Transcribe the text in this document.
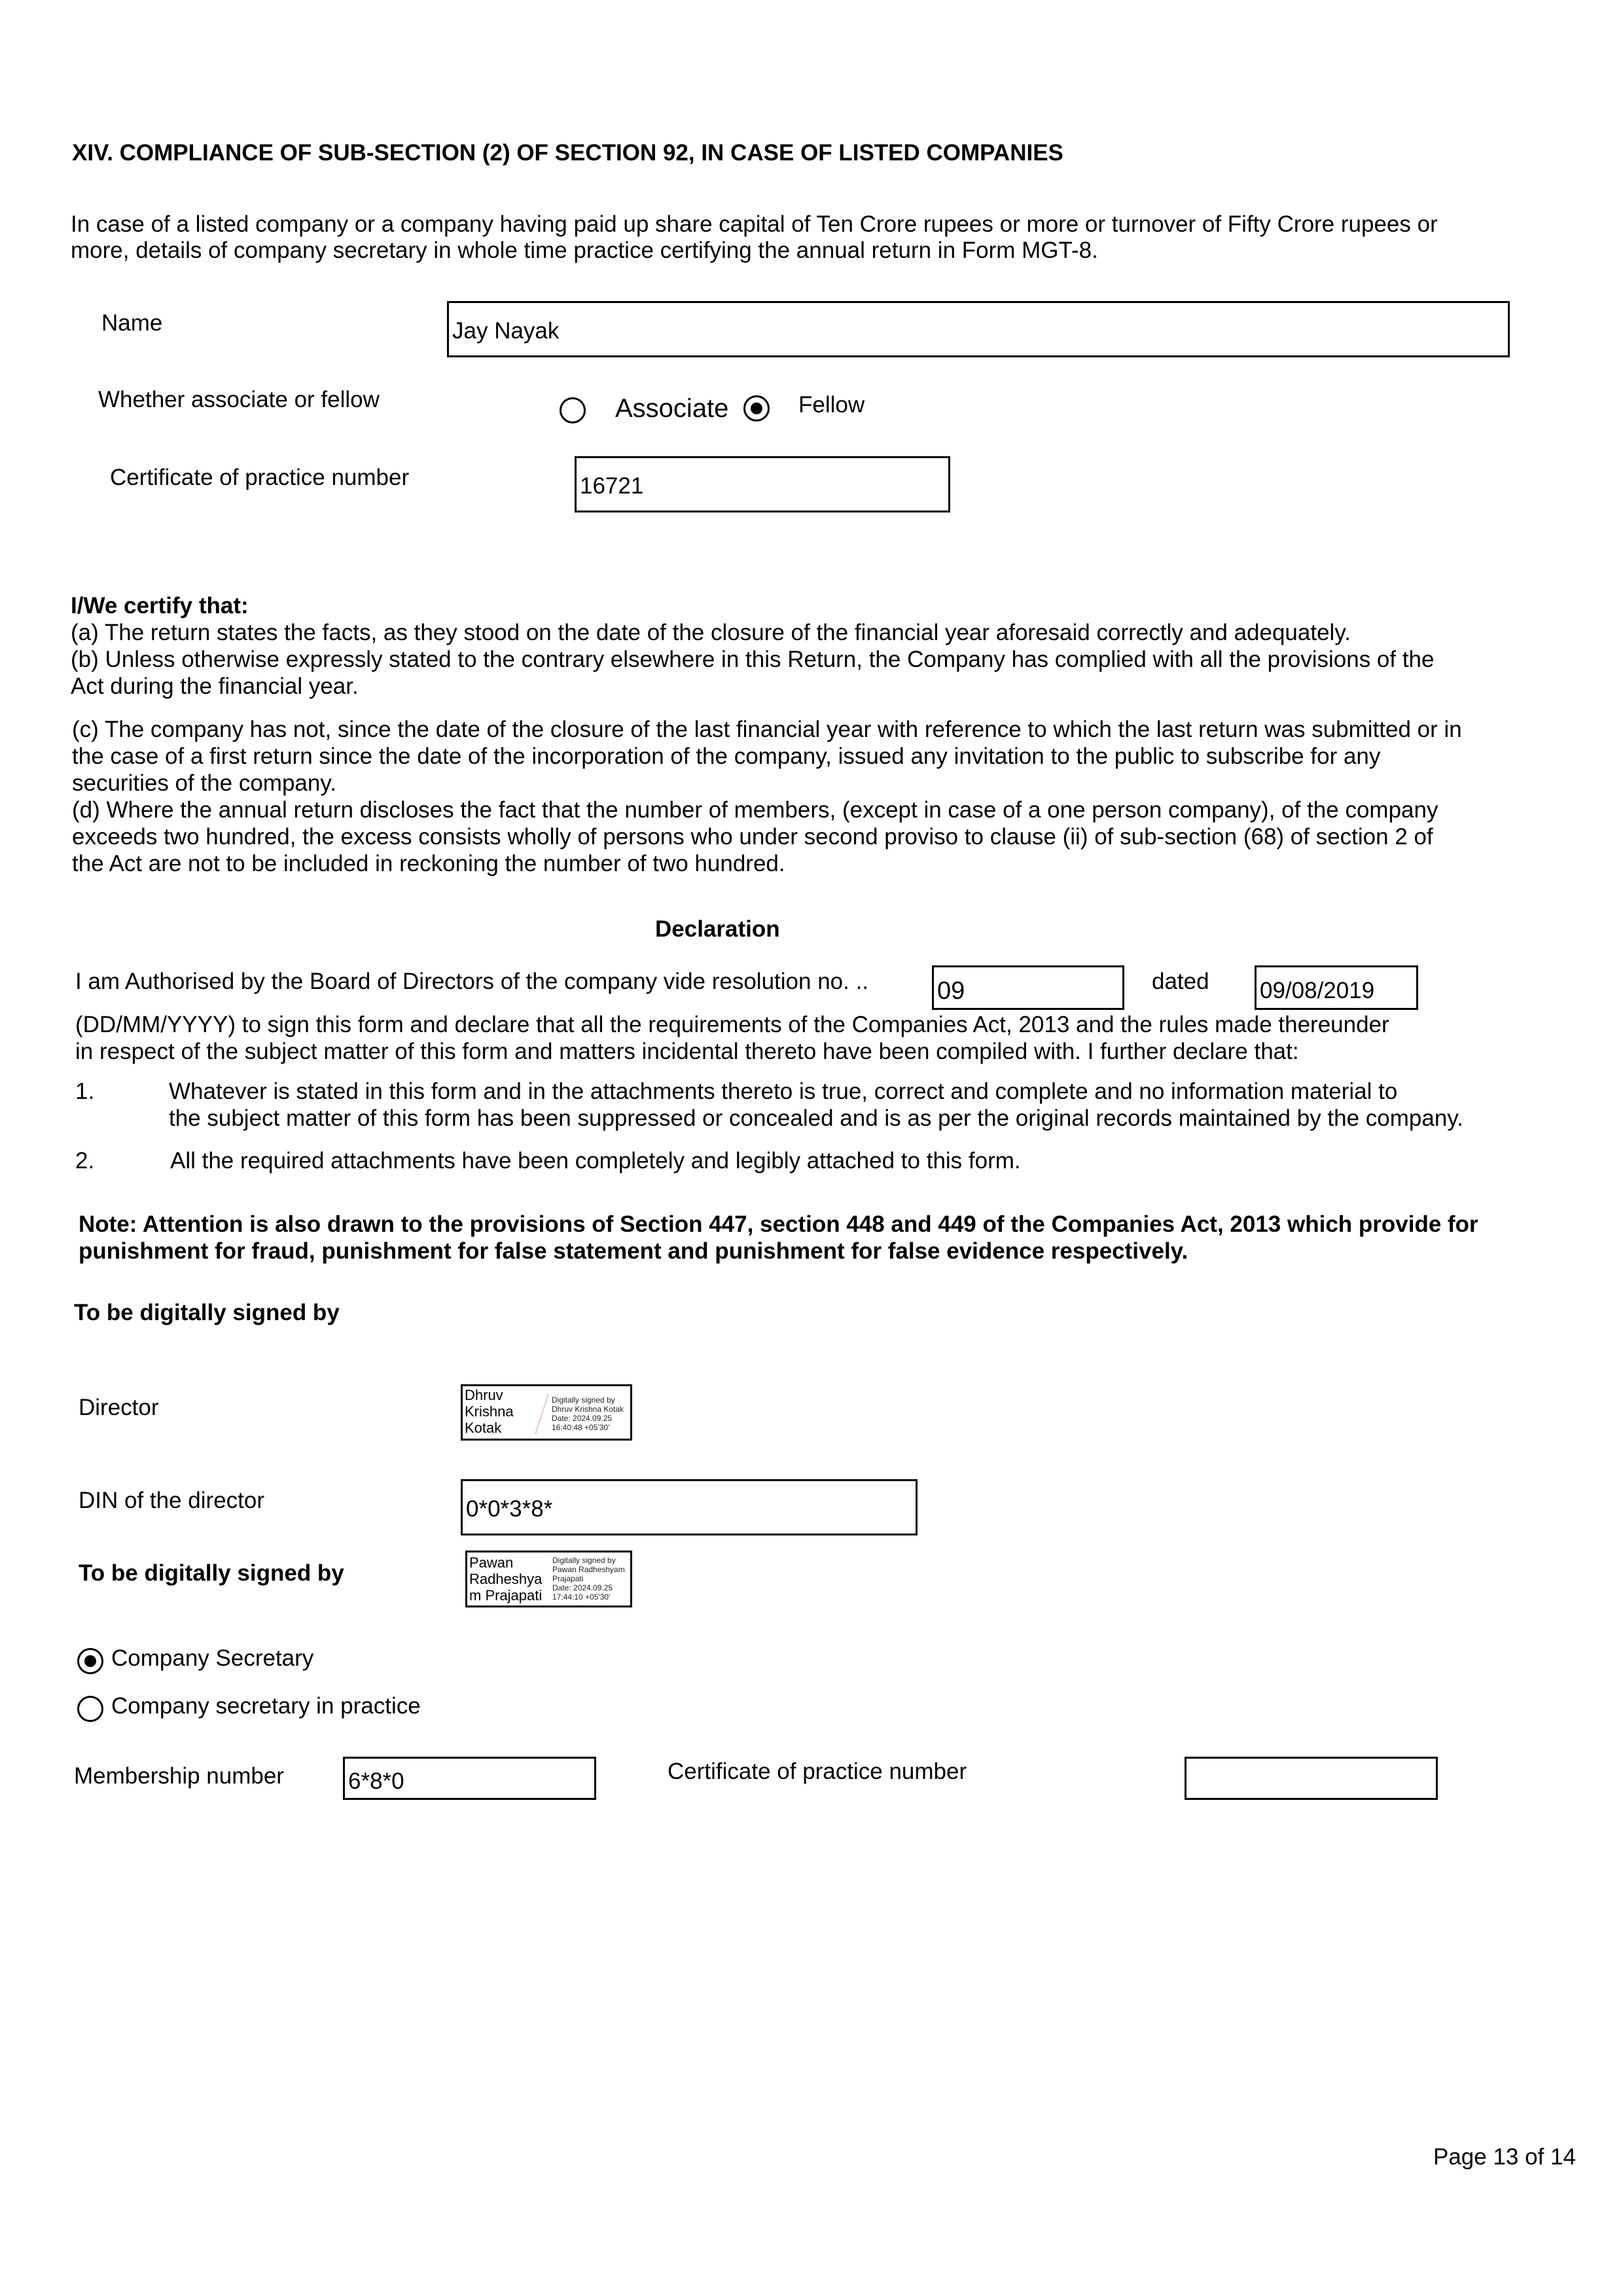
XIV. COMPLIANCE OF SUB-SECTION (2) OF SECTION 92, IN CASE OF LISTED COMPANIES
In case of a listed company or a company having paid up share capital of Ten Crore rupees or more or turnover of Fifty Crore rupees or
more, details of company secretary in whole time practice certifying the annual return in Form MGT-8.
Name	Jay Nayak
Whether associate or fellow	Associate	Fellow
Certificate of practice number	16721
I/We certify that:
(a) The return states the facts, as they stood on the date of the closure of the financial year aforesaid correctly and adequately.
(b) Unless otherwise expressly stated to the contrary elsewhere in this Return, the Company has complied with all the provisions of the
Act during the financial year.
(c) The company has not, since the date of the closure of the last financial year with reference to which the last return was submitted or in
the case of a first return since the date of the incorporation of the company, issued any invitation to the public to subscribe for any
securities of the company.
(d) Where the annual return discloses the fact that the number of members, (except in case of a one person company), of the company
exceeds two hundred, the excess consists wholly of persons who under second proviso to clause (ii) of sub-section (68) of section 2 of
the Act are not to be included in reckoning the number of two hundred.
Declaration
I am Authorised by the Board of Directors of the company vide resolution no. ..	09	dated 09/08/2019
(DD/MM/YYYY) to sign this form and declare that all the requirements of the Companies Act, 2013 and the rules made thereunder
in respect of the subject matter of this form and matters incidental thereto have been compiled with. I further declare that:
1.	Whatever is stated in this form and in the attachments thereto is true, correct and complete and no information material to
the subject matter of this form has been suppressed or concealed and is as per the original records maintained by the company.
2.	All the required attachments have been completely and legibly attached to this form.
Note: Attention is also drawn to the provisions of Section 447, section 448 and 449 of the Companies Act, 2013 which provide for
punishment for fraud, punishment for false statement and punishment for false evidence respectively.
To be digitally signed by
Director	Dhruv
Krishna
Kotak
Digitally signed by
Dhruv Krishna Kotak
Date: 2024.09.25
16:40:48 +05'30'
DIN of the director	0*0*3*8*
To be digitally signed by	Pawan
Radheshya
m Prajapati
Digitally signed by
Pawan Radheshyam
Prajapati
Date: 2024.09.25
17:44:10 +05'30'
Company Secretary
Company secretary in practice
Membership number	6*8*0	Certificate of practice number
Page 13 of 14
